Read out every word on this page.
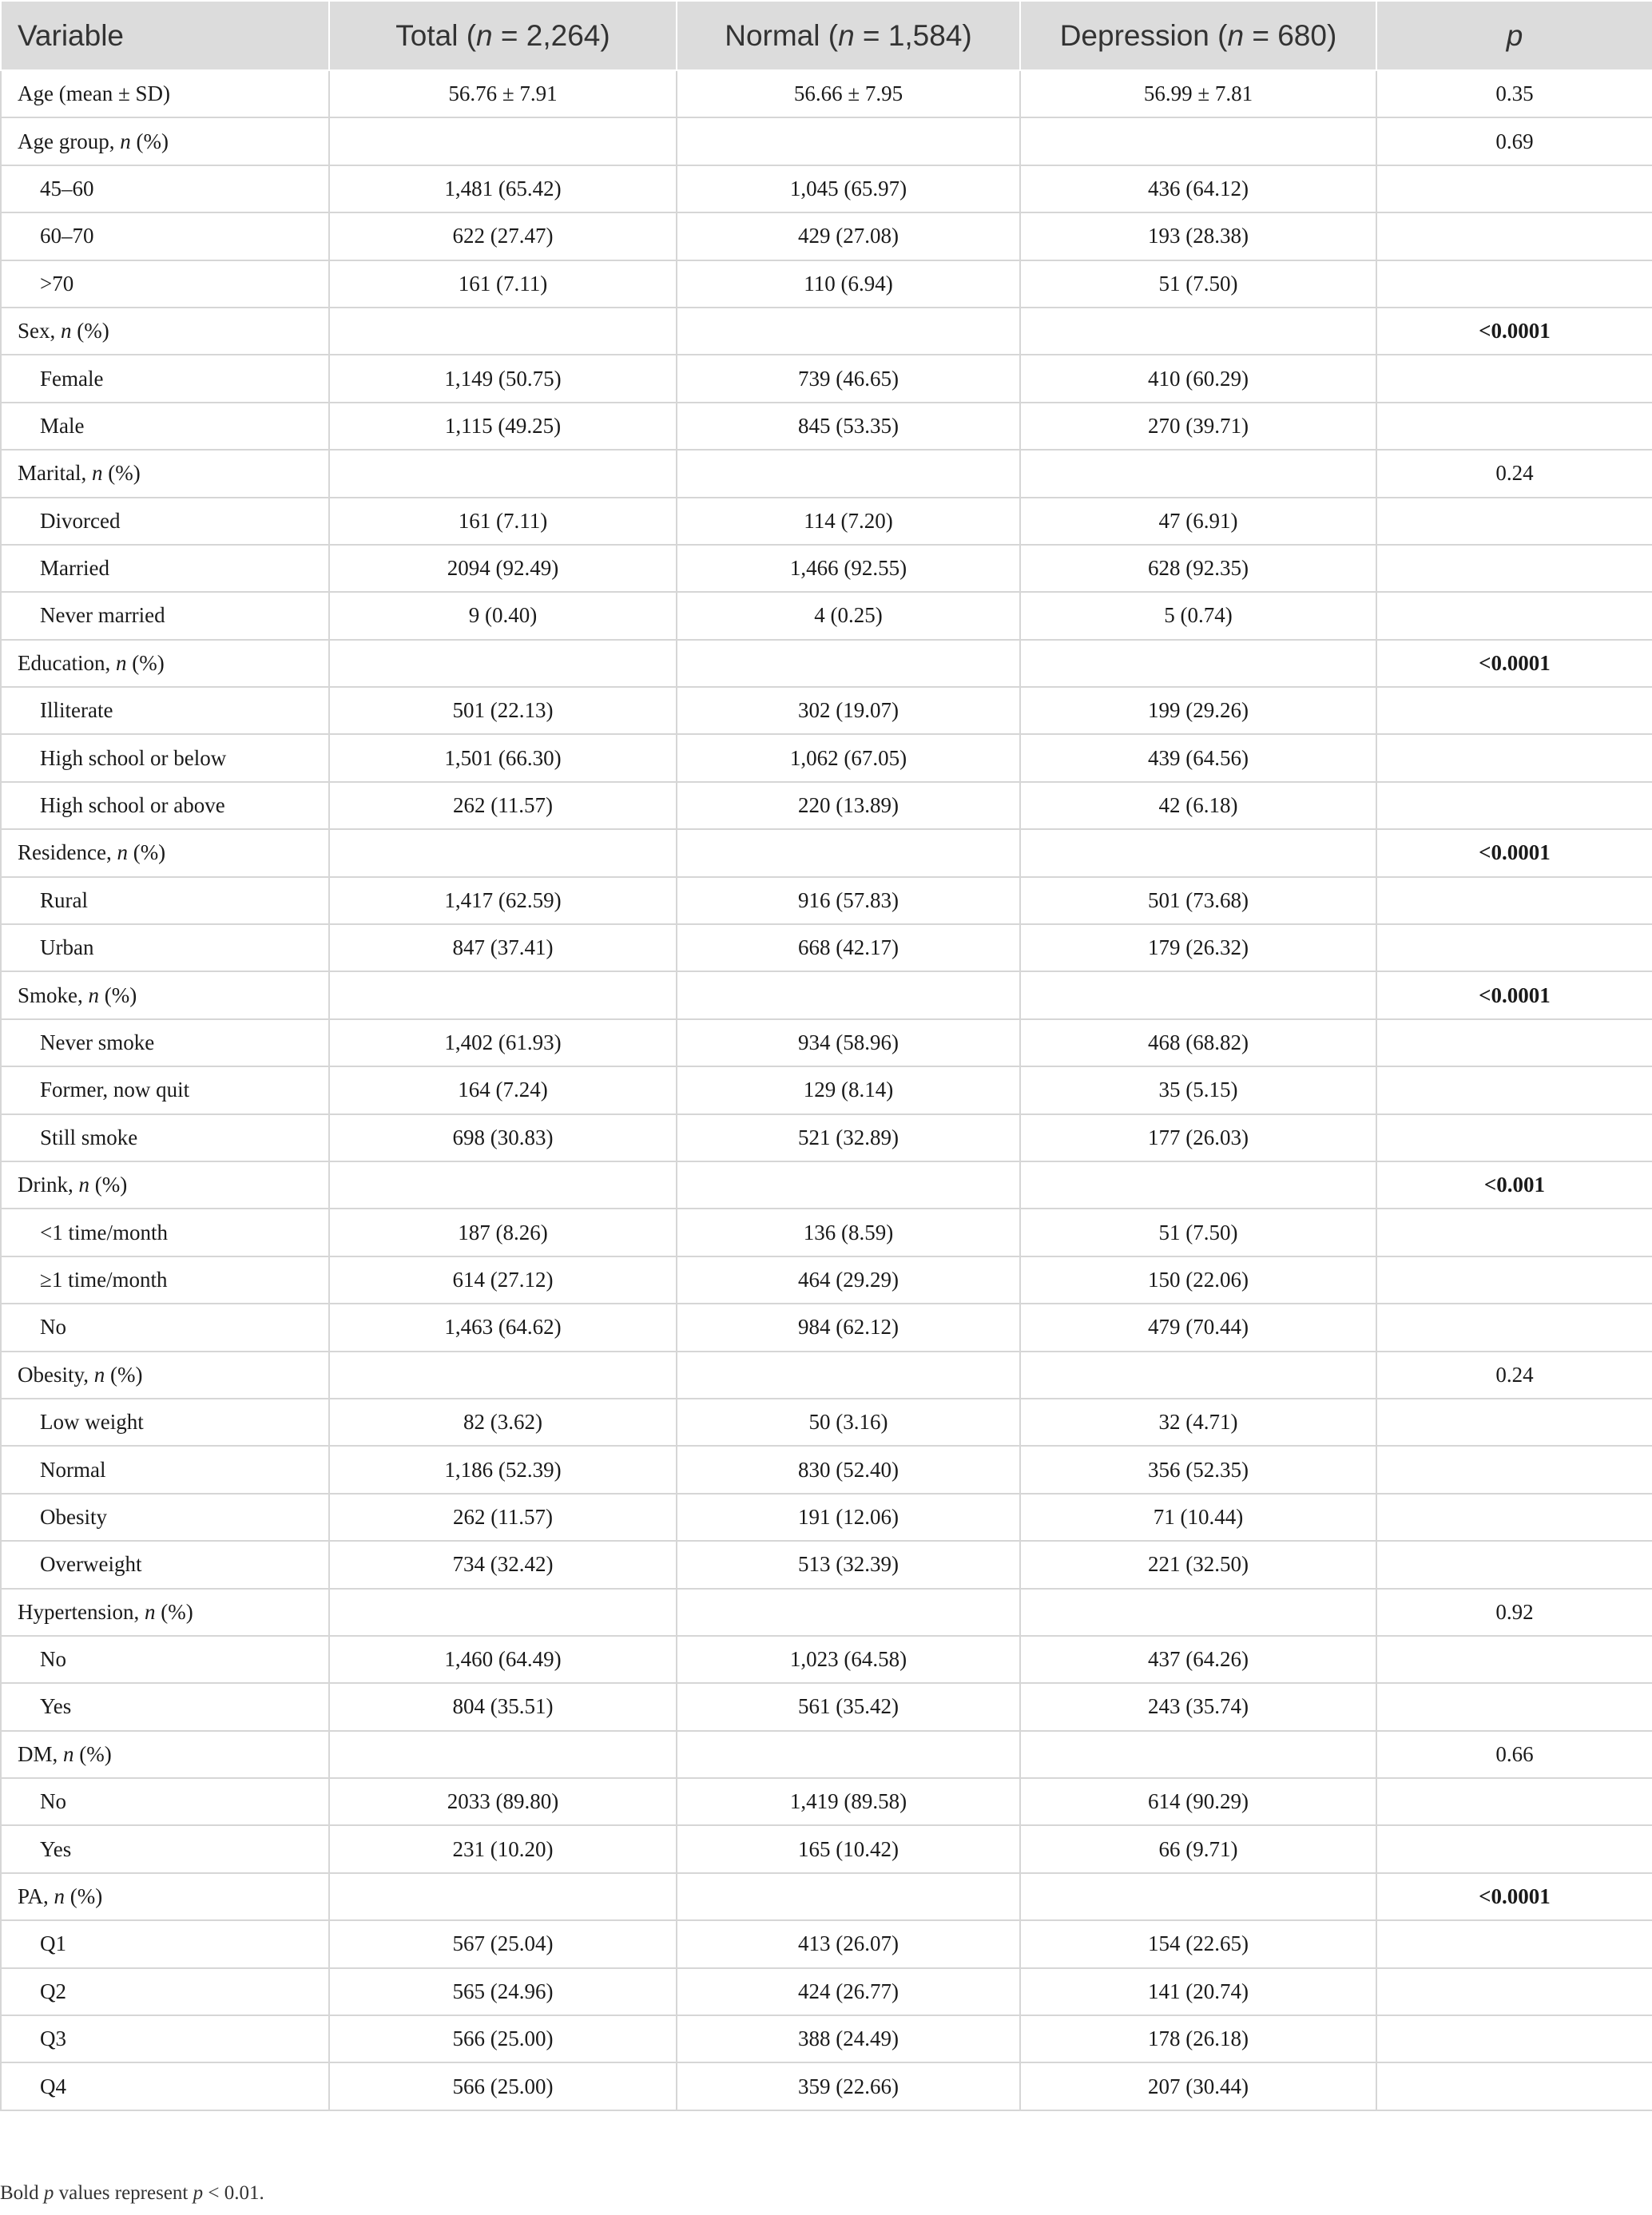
Variable	Total (n = 2,264)	Normal (n = 1,584)	Depression (n = 680)	p
Age (mean ± SD)	56.76 ± 7.91	56.66 ± 7.95	56.99 ± 7.81	0.35
Age group, n (%)				0.69
45–60	1,481 (65.42)	1,045 (65.97)	436 (64.12)	
60–70	622 (27.47)	429 (27.08)	193 (28.38)	
>70	161 (7.11)	110 (6.94)	51 (7.50)	
Sex, n (%)				<0.0001
Female	1,149 (50.75)	739 (46.65)	410 (60.29)	
Male	1,115 (49.25)	845 (53.35)	270 (39.71)	
Marital, n (%)				0.24
Divorced	161 (7.11)	114 (7.20)	47 (6.91)	
Married	2094 (92.49)	1,466 (92.55)	628 (92.35)	
Never married	9 (0.40)	4 (0.25)	5 (0.74)	
Education, n (%)				<0.0001
Illiterate	501 (22.13)	302 (19.07)	199 (29.26)	
High school or below	1,501 (66.30)	1,062 (67.05)	439 (64.56)	
High school or above	262 (11.57)	220 (13.89)	42 (6.18)	
Residence, n (%)				<0.0001
Rural	1,417 (62.59)	916 (57.83)	501 (73.68)	
Urban	847 (37.41)	668 (42.17)	179 (26.32)	
Smoke, n (%)				<0.0001
Never smoke	1,402 (61.93)	934 (58.96)	468 (68.82)	
Former, now quit	164 (7.24)	129 (8.14)	35 (5.15)	
Still smoke	698 (30.83)	521 (32.89)	177 (26.03)	
Drink, n (%)				<0.001
<1 time/month	187 (8.26)	136 (8.59)	51 (7.50)	
≥1 time/month	614 (27.12)	464 (29.29)	150 (22.06)	
No	1,463 (64.62)	984 (62.12)	479 (70.44)	
Obesity, n (%)				0.24
Low weight	82 (3.62)	50 (3.16)	32 (4.71)	
Normal	1,186 (52.39)	830 (52.40)	356 (52.35)	
Obesity	262 (11.57)	191 (12.06)	71 (10.44)	
Overweight	734 (32.42)	513 (32.39)	221 (32.50)	
Hypertension, n (%)				0.92
No	1,460 (64.49)	1,023 (64.58)	437 (64.26)	
Yes	804 (35.51)	561 (35.42)	243 (35.74)	
DM, n (%)				0.66
No	2033 (89.80)	1,419 (89.58)	614 (90.29)	
Yes	231 (10.20)	165 (10.42)	66 (9.71)	
PA, n (%)				<0.0001
Q1	567 (25.04)	413 (26.07)	154 (22.65)	
Q2	565 (24.96)	424 (26.77)	141 (20.74)	
Q3	566 (25.00)	388 (24.49)	178 (26.18)	
Q4	566 (25.00)	359 (22.66)	207 (30.44)	
Bold p values represent p < 0.01.
